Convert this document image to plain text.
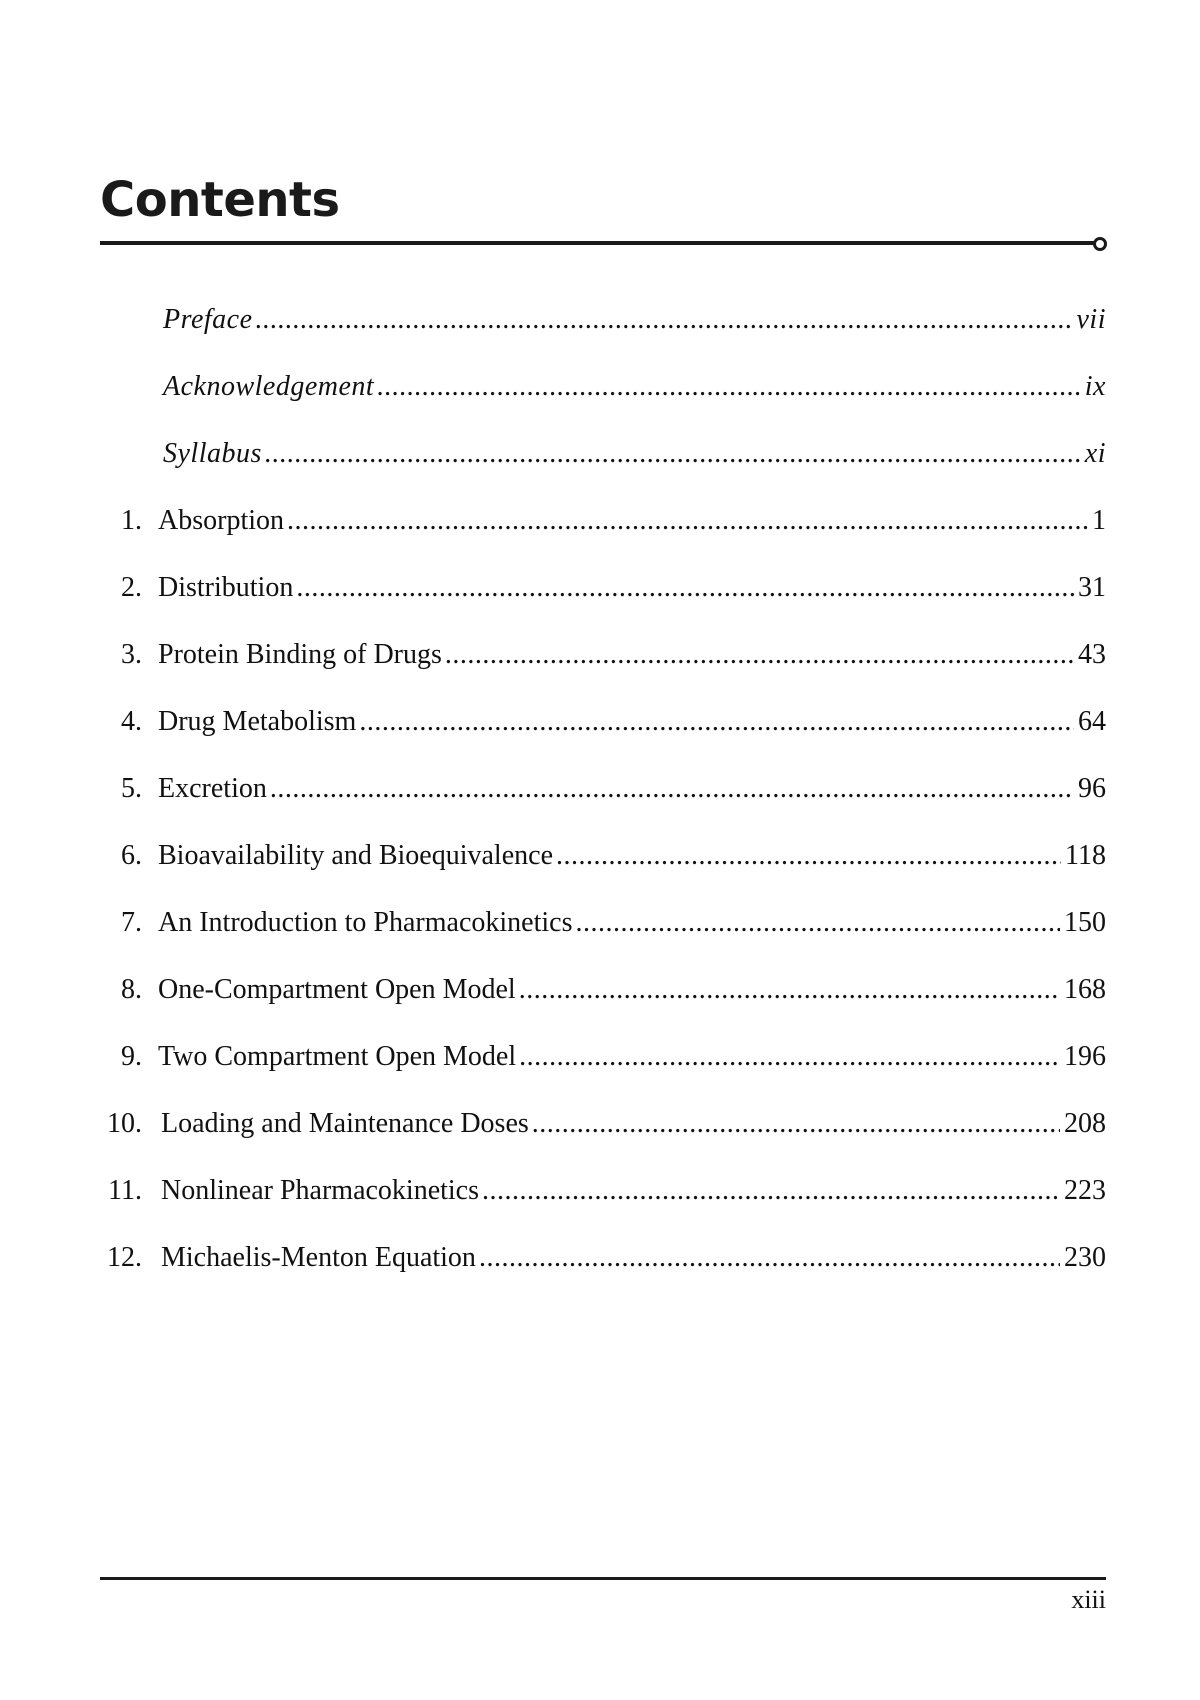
Contents
Preface .....	vii
Acknowledgement .....	ix
Syllabus .....	xi
1. Absorption .....	1
2. Distribution .....	31
3. Protein Binding of Drugs .....	43
4. Drug Metabolism .....	64
5. Excretion .....	96
6. Bioavailability and Bioequivalence .....	118
7. An Introduction to Pharmacokinetics .....	150
8. One-Compartment Open Model .....	168
9. Two Compartment Open Model .....	196
10. Loading and Maintenance Doses .....	208
11. Nonlinear Pharmacokinetics .....	223
12. Michaelis-Menton Equation .....	230
xiii
